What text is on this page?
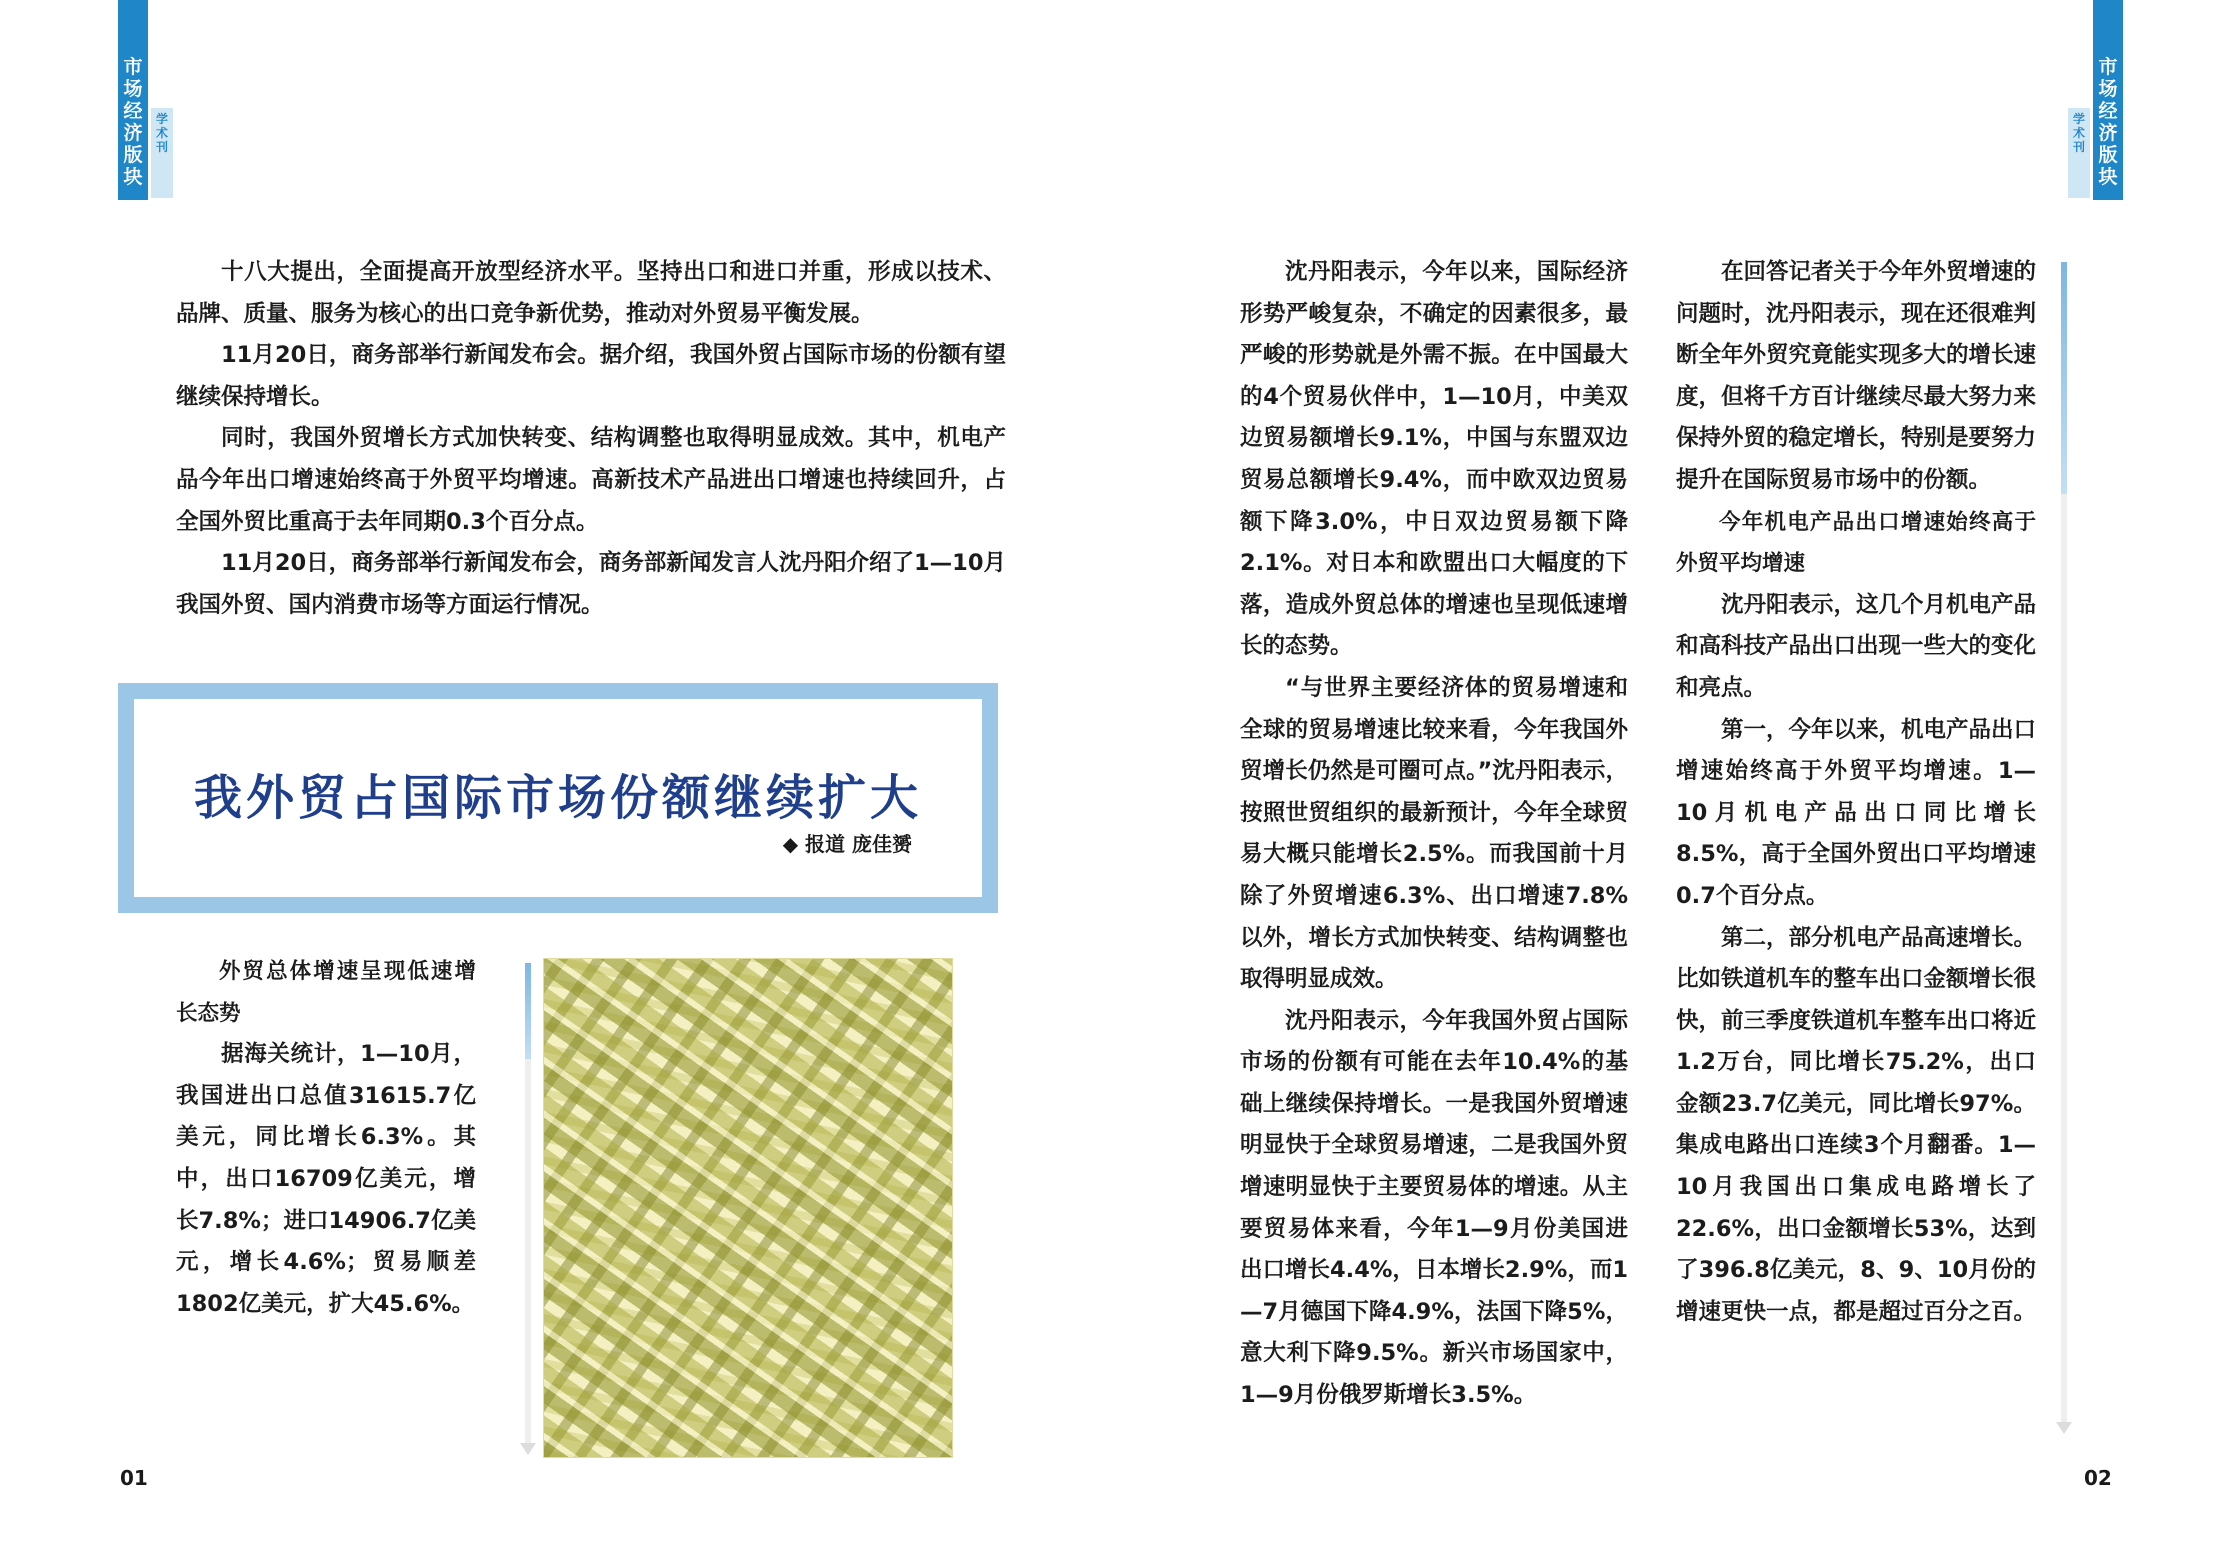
市场经济版块
学术刊
市场经济版块
学术刊

十八大提出，全面提高开放型经济水平。坚持出口和进口并重，形成以技术、品牌、质量、服务为核心的出口竞争新优势，推动对外贸易平衡发展。

11月20日，商务部举行新闻发布会。据介绍，我国外贸占国际市场的份额有望继续保持增长。

同时，我国外贸增长方式加快转变、结构调整也取得明显成效。其中，机电产品今年出口增速始终高于外贸平均增速。高新技术产品进出口增速也持续回升，占全国外贸比重高于去年同期0.3个百分点。

11月20日，商务部举行新闻发布会，商务部新闻发言人沈丹阳介绍了1—10月我国外贸、国内消费市场等方面运行情况。

我外贸占国际市场份额继续扩大
◆ 报道 庞佳赟
外贸总体增速呈现低速增长态势

据海关统计，1—10月，我国进出口总值31615.7亿美元，同比增长6.3%。其中，出口16709亿美元，增长7.8%；进口14906.7亿美元，增长4.6%；贸易顺差1802亿美元，扩大45.6%。

沈丹阳表示，今年以来，国际经济形势严峻复杂，不确定的因素很多，最严峻的形势就是外需不振。在中国最大的4个贸易伙伴中，1—10月，中美双边贸易额增长9.1%，中国与东盟双边贸易总额增长9.4%，而中欧双边贸易额下降3.0%，中日双边贸易额下降2.1%。对日本和欧盟出口大幅度的下落，造成外贸总体的增速也呈现低速增长的态势。

“与世界主要经济体的贸易增速和全球的贸易增速比较来看，今年我国外贸增长仍然是可圈可点。”沈丹阳表示，按照世贸组织的最新预计，今年全球贸易大概只能增长2.5%。而我国前十月除了外贸增速6.3%、出口增速7.8%以外，增长方式加快转变、结构调整也取得明显成效。

沈丹阳表示，今年我国外贸占国际市场的份额有可能在去年10.4%的基础上继续保持增长。一是我国外贸增速明显快于全球贸易增速，二是我国外贸增速明显快于主要贸易体的增速。从主要贸易体来看，今年1—9月份美国进出口增长4.4%，日本增长2.9%，而1—7月德国下降4.9%，法国下降5%，意大利下降9.5%。新兴市场国家中，1—9月份俄罗斯增长3.5%。

在回答记者关于今年外贸增速的问题时，沈丹阳表示，现在还很难判断全年外贸究竟能实现多大的增长速度，但将千方百计继续尽最大努力来保持外贸的稳定增长，特别是要努力提升在国际贸易市场中的份额。

今年机电产品出口增速始终高于外贸平均增速

沈丹阳表示，这几个月机电产品和高科技产品出口出现一些大的变化和亮点。

第一，今年以来，机电产品出口增速始终高于外贸平均增速。1—10月机电产品出口同比增长8.5%，高于全国外贸出口平均增速0.7个百分点。

第二，部分机电产品高速增长。比如铁道机车的整车出口金额增长很快，前三季度铁道机车整车出口将近1.2万台，同比增长75.2%，出口金额23.7亿美元，同比增长97%。集成电路出口连续3个月翻番。1—10月我国出口集成电路增长了22.6%，出口金额增长53%，达到了396.8亿美元，8、9、10月份的增速更快一点，都是超过百分之百。

01	02
